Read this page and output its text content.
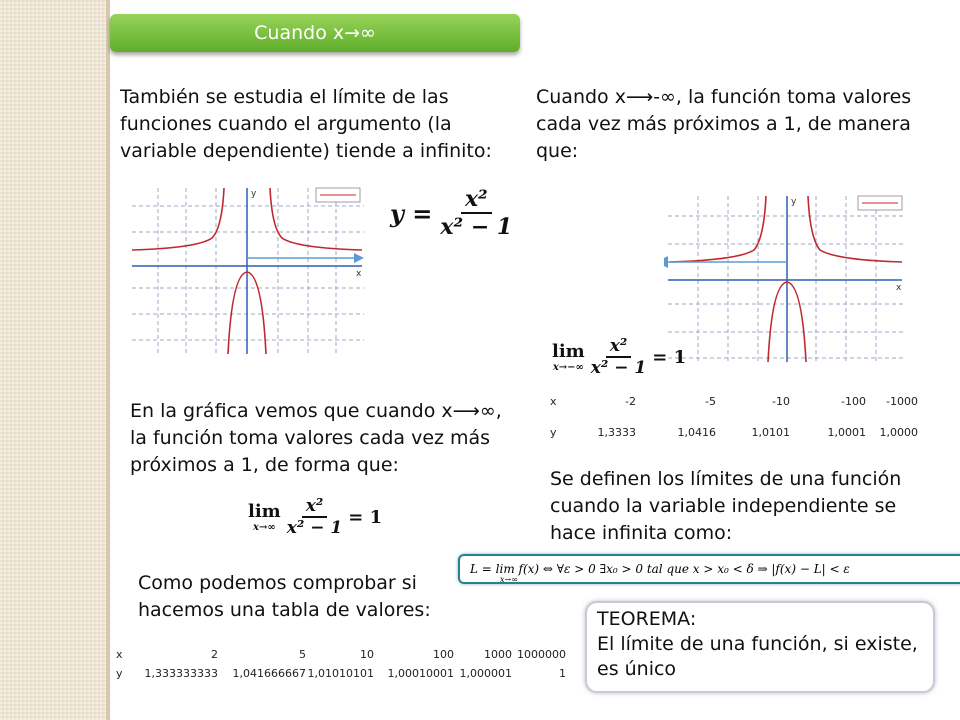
Cuando x→∞
También se estudia el límite de las funciones cuando el argumento (la variable dependiente) tiende a infinito:
y
x
$y = \frac{\text{x²}}{\text{x² − 1}}$
En la gráfica vemos que cuando x⟶∞, la función toma valores cada vez más próximos a 1, de forma que:
lim
$x\to\infty \frac{\text{x²}}{\text{x² − 1}} = 1$
Como podemos comprobar si hacemos una tabla de valores:
x	2	5	10	100	1000	1000000
y	1,333333333	1,041666667	1,01010101	1,00010001	1,000001	1
Cuando x⟶-∞, la función toma valores cada vez más próximos a 1, de manera que:
y
x
lim
$x\to-\infty \frac{\text{x²}}{\text{x² − 1}} = 1$
x	-2	-5	-10	-100	-1000
y	1,3333	1,0416	1,0101	1,0001	1,0000
Se definen los límites de una función cuando la variable independiente se hace infinita como:
L = lim f(x) ⇔ ∀ε > 0 ∃x₀ > 0 tal que x > x₀ < δ ⇒ |f(x) − L| < ε
x→∞
TEOREMA:
El límite de una función, si existe, es único
